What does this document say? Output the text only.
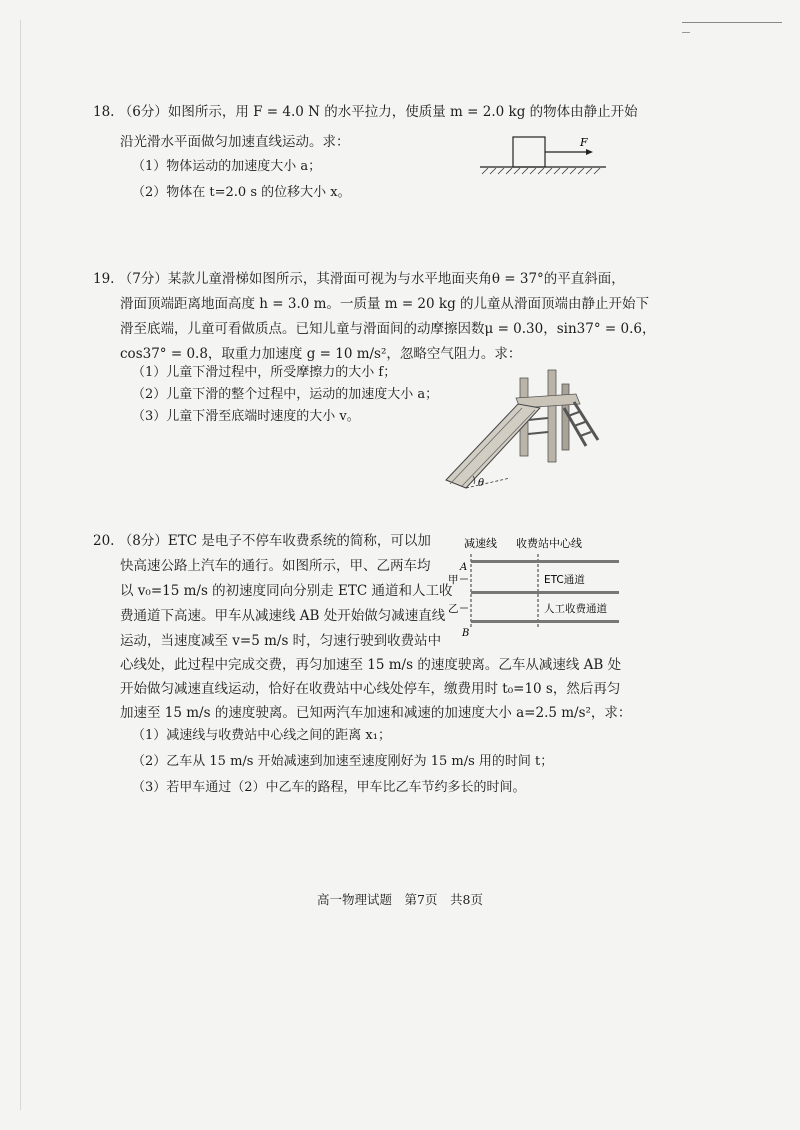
18. （6分）如图所示，用 F = 4.0 N 的水平拉力，使质量 m = 2.0 kg 的物体由静止开始
沿光滑水平面做匀加速直线运动。求：
（1）物体运动的加速度大小 a；
（2）物体在 t=2.0 s 的位移大小 x。
F
19. （7分）某款儿童滑梯如图所示，其滑面可视为与水平地面夹角θ = 37°的平直斜面，
滑面顶端距离地面高度 h = 3.0 m。一质量 m = 20 kg 的儿童从滑面顶端由静止开始下
滑至底端，儿童可看做质点。已知儿童与滑面间的动摩擦因数μ = 0.30，sin37° = 0.6，
cos37° = 0.8，取重力加速度 g = 10 m/s²，忽略空气阻力。求：
（1）儿童下滑过程中，所受摩擦力的大小 f；
（2）儿童下滑的整个过程中，运动的加速度大小 a；
（3）儿童下滑至底端时速度的大小 v。
θ
20. （8分）ETC 是电子不停车收费系统的简称，可以加
快高速公路上汽车的通行。如图所示，甲、乙两车均
以 v₀=15 m/s 的初速度同向分别走 ETC 通道和人工收
费通道下高速。甲车从减速线 AB 处开始做匀减速直线
运动，当速度减至 v=5 m/s 时，匀速行驶到收费站中
心线处，此过程中完成交费，再匀加速至 15 m/s 的速度驶离。乙车从减速线 AB 处
开始做匀减速直线运动，恰好在收费站中心线处停车，缴费用时 t₀=10 s，然后再匀
加速至 15 m/s 的速度驶离。已知两汽车加速和减速的加速度大小 a=2.5 m/s²，求：
（1）减速线与收费站中心线之间的距离 x₁；
（2）乙车从 15 m/s 开始减速到加速至速度刚好为 15 m/s 用的时间 t；
（3）若甲车通过（2）中乙车的路程，甲车比乙车节约多长的时间。
减速线 收费站中心线
A
B
甲
乙
ETC通道
人工收费通道
高一物理试题　第7页　共8页
